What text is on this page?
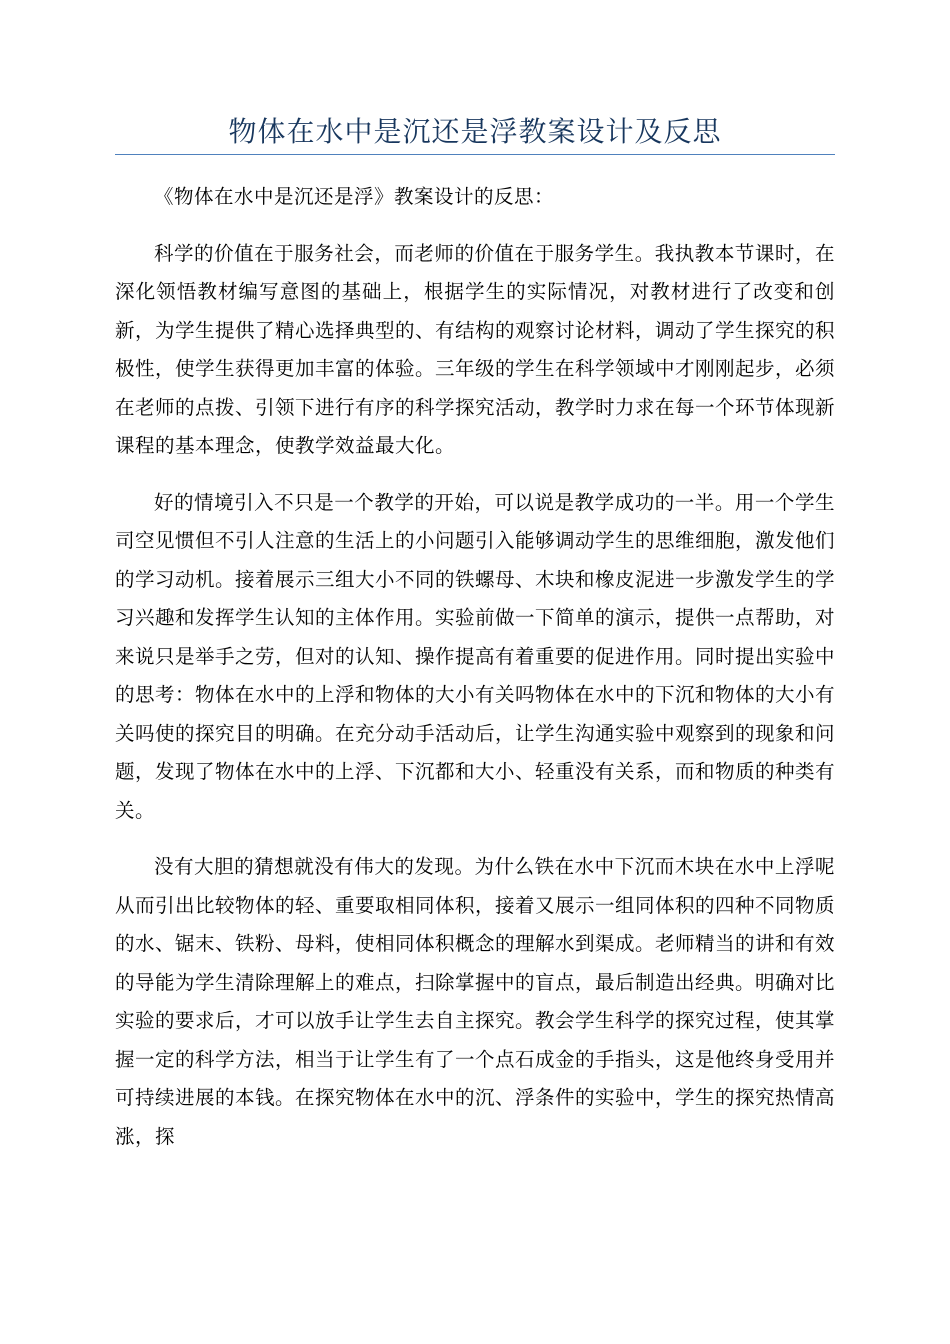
物体在水中是沉还是浮教案设计及反思

《物体在水中是沉还是浮》教案设计的反思：

科学的价值在于服务社会，而老师的价值在于服务学生。我执教本节课时，在深化领悟教材编写意图的基础上，根据学生的实际情况，对教材进行了改变和创新，为学生提供了精心选择典型的、有结构的观察讨论材料，调动了学生探究的积极性，使学生获得更加丰富的体验。三年级的学生在科学领域中才刚刚起步，必须在老师的点拨、引领下进行有序的科学探究活动，教学时力求在每一个环节体现新课程的基本理念，使教学效益最大化。

好的情境引入不只是一个教学的开始，可以说是教学成功的一半。用一个学生司空见惯但不引人注意的生活上的小问题引入能够调动学生的思维细胞，激发他们的学习动机。接着展示三组大小不同的铁螺母、木块和橡皮泥进一步激发学生的学习兴趣和发挥学生认知的主体作用。实验前做一下简单的演示，提供一点帮助，对来说只是举手之劳，但对的认知、操作提高有着重要的促进作用。同时提出实验中的思考：物体在水中的上浮和物体的大小有关吗物体在水中的下沉和物体的大小有关吗使的探究目的明确。在充分动手活动后，让学生沟通实验中观察到的现象和问题，发现了物体在水中的上浮、下沉都和大小、轻重没有关系，而和物质的种类有关。

没有大胆的猜想就没有伟大的发现。为什么铁在水中下沉而木块在水中上浮呢从而引出比较物体的轻、重要取相同体积，接着又展示一组同体积的四种不同物质的水、锯末、铁粉、母料，使相同体积概念的理解水到渠成。老师精当的讲和有效的导能为学生清除理解上的难点，扫除掌握中的盲点，最后制造出经典。明确对比实验的要求后，才可以放手让学生去自主探究。教会学生科学的探究过程，使其掌握一定的科学方法，相当于让学生有了一个点石成金的手指头，这是他终身受用并可持续进展的本钱。在探究物体在水中的沉、浮条件的实验中，学生的探究热情高涨，探
